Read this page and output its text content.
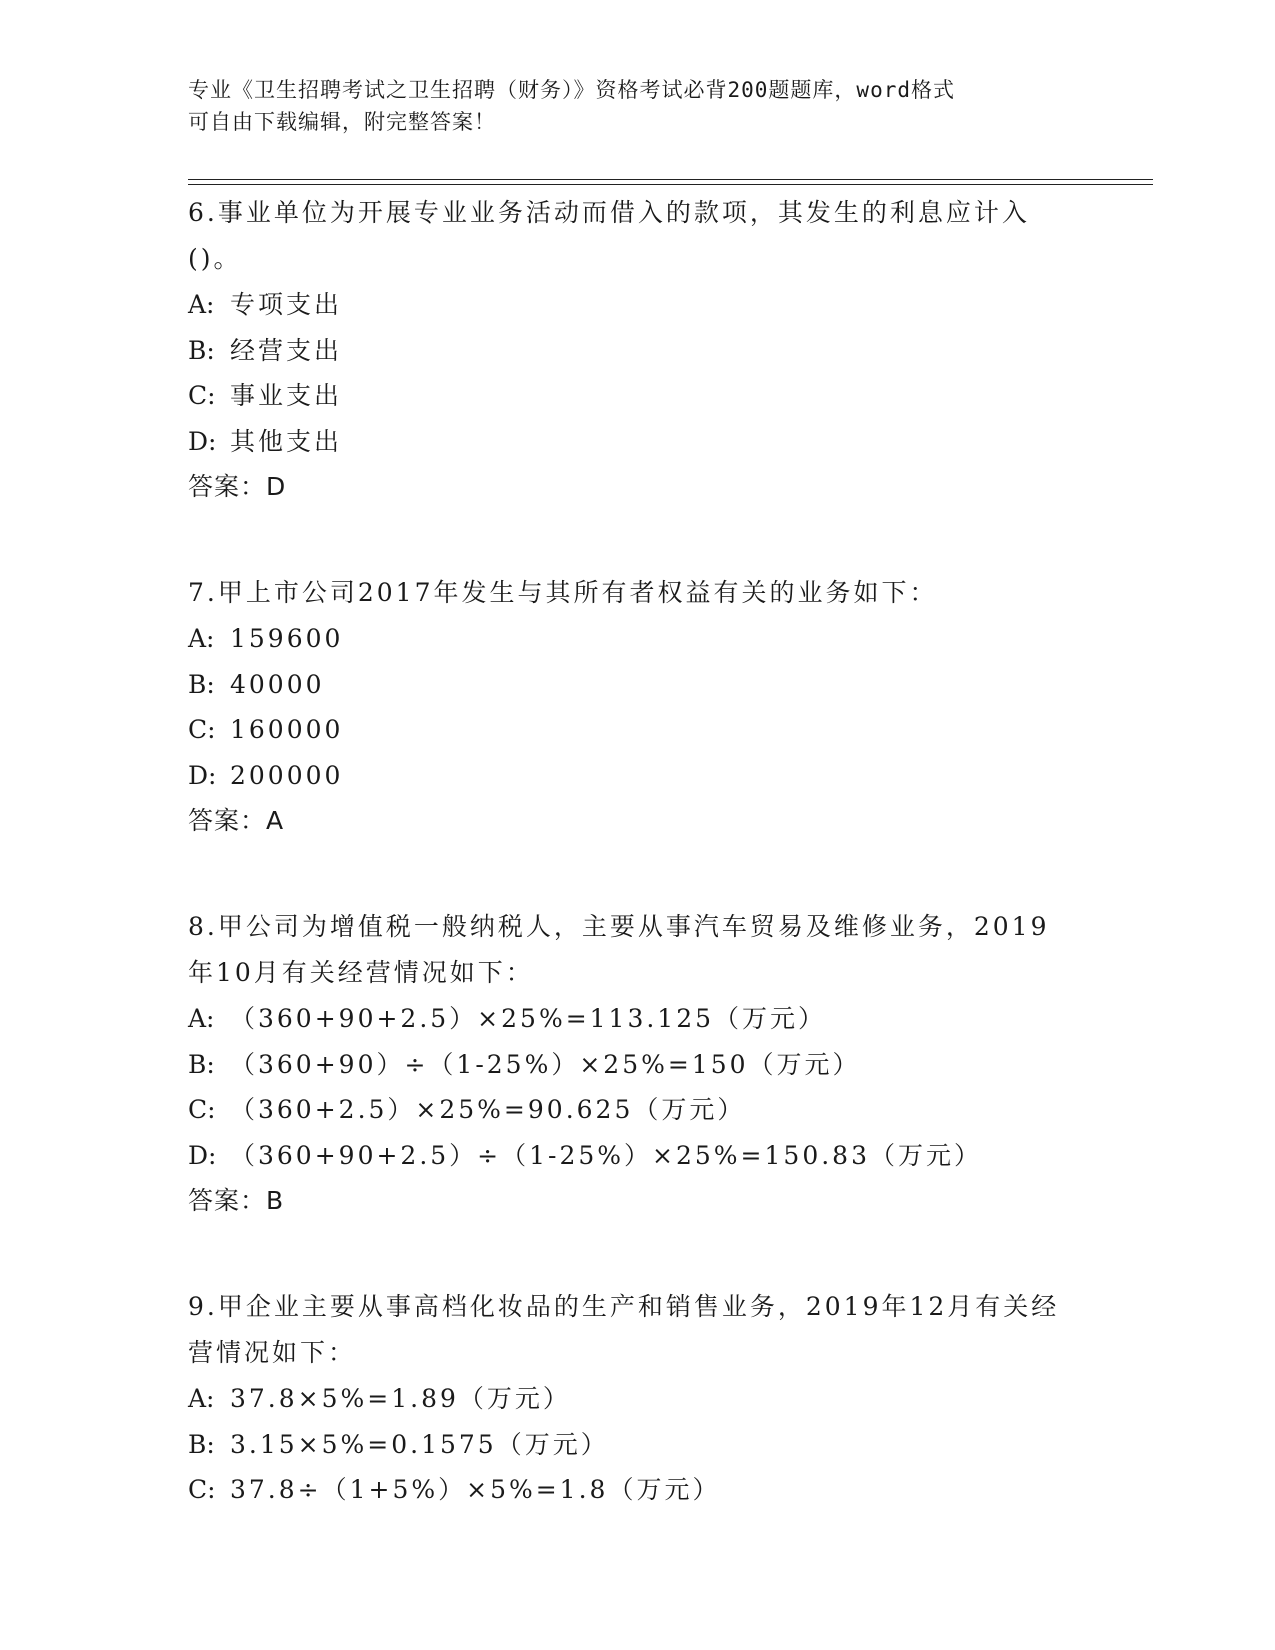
专业《卫生招聘考试之卫生招聘（财务）》资格考试必背200题题库，word格式
可自由下载编辑，附完整答案！
6.事业单位为开展专业业务活动而借入的款项，其发生的利息应计入
()。
A: 专项支出
B: 经营支出
C: 事业支出
D: 其他支出
答案：D
7.甲上市公司2017年发生与其所有者权益有关的业务如下：
A: 159600
B: 40000
C: 160000
D: 200000
答案：A
8.甲公司为增值税一般纳税人，主要从事汽车贸易及维修业务，2019
年10月有关经营情况如下：
A: （360+90+2.5）×25%=113.125（万元）
B: （360+90）÷（1-25%）×25%=150（万元）
C: （360+2.5）×25%=90.625（万元）
D: （360+90+2.5）÷（1-25%）×25%=150.83（万元）
答案：B
9.甲企业主要从事高档化妆品的生产和销售业务，2019年12月有关经
营情况如下：
A: 37.8×5%=1.89（万元）
B: 3.15×5%=0.1575（万元）
C: 37.8÷（1+5%）×5%=1.8（万元）
